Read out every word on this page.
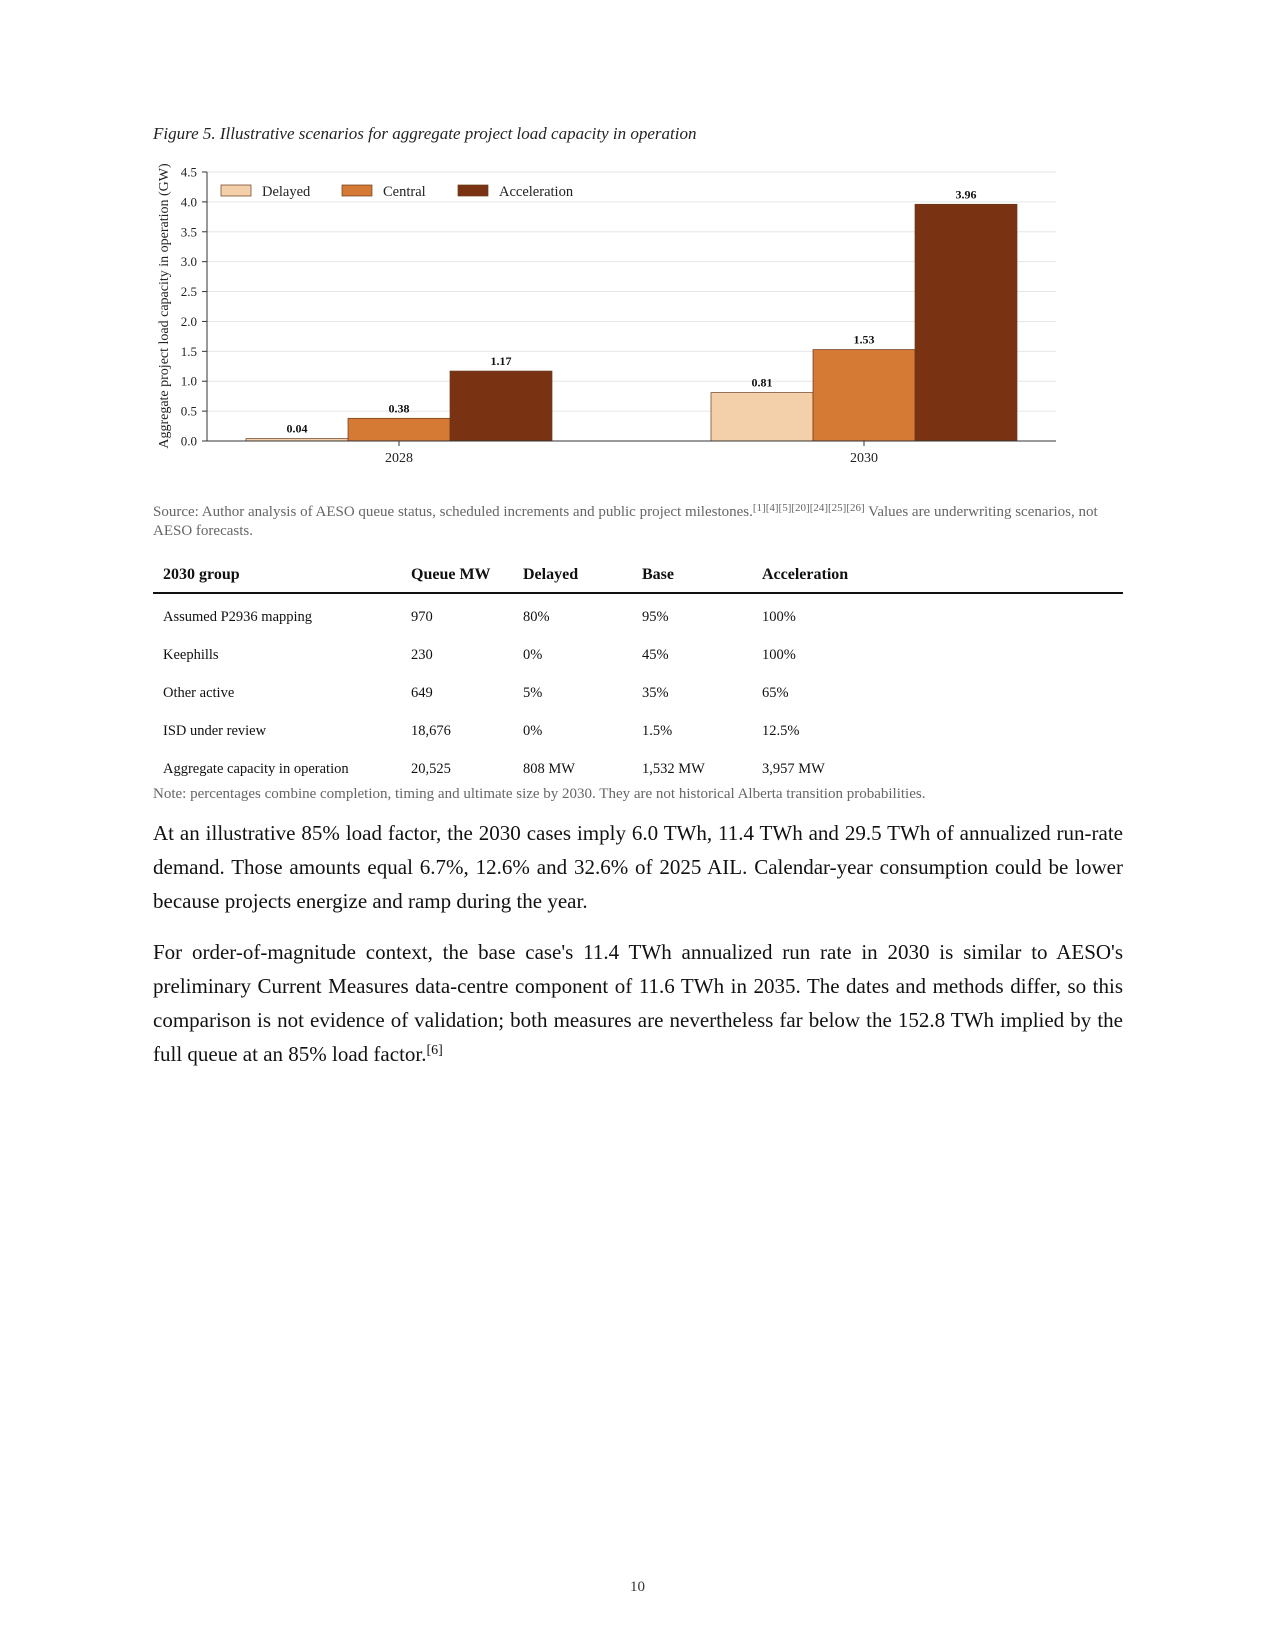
Figure 5. Illustrative scenarios for aggregate project load capacity in operation
0.04
0.38
1.17
0.81
1.53
3.96
0.0
0.5
1.0
1.5
2.0
2.5
3.0
3.5
4.0
4.5
2028	2030
Delayed	Central	Acceleration
Aggregate project load capacity in operation (GW)
Source: Author analysis of AESO queue status, scheduled increments and public project milestones.[1][4][5][20][24][25][26] Values are underwriting scenarios, not AESO forecasts.
2030 group	Queue MW	Delayed	Base	Acceleration
Assumed P2936 mapping	970	80%	95%	100%
Keephills	230	0%	45%	100%
Other active	649	5%	35%	65%
ISD under review	18,676	0%	1.5%	12.5%
Aggregate capacity in operation	20,525	808 MW	1,532 MW	3,957 MW
Note: percentages combine completion, timing and ultimate size by 2030. They are not historical Alberta transition probabilities.

At an illustrative 85% load factor, the 2030 cases imply 6.0 TWh, 11.4 TWh and 29.5 TWh of annualized run-rate demand. Those amounts equal 6.7%, 12.6% and 32.6% of 2025 AIL. Calendar-year consumption could be lower because projects energize and ramp during the year.

For order-of-magnitude context, the base case's 11.4 TWh annualized run rate in 2030 is similar to AESO's preliminary Current Measures data-centre component of 11.6 TWh in 2035. The dates and methods differ, so this comparison is not evidence of validation; both measures are nevertheless far below the 152.8 TWh implied by the full queue at an 85% load factor.[6]

10
